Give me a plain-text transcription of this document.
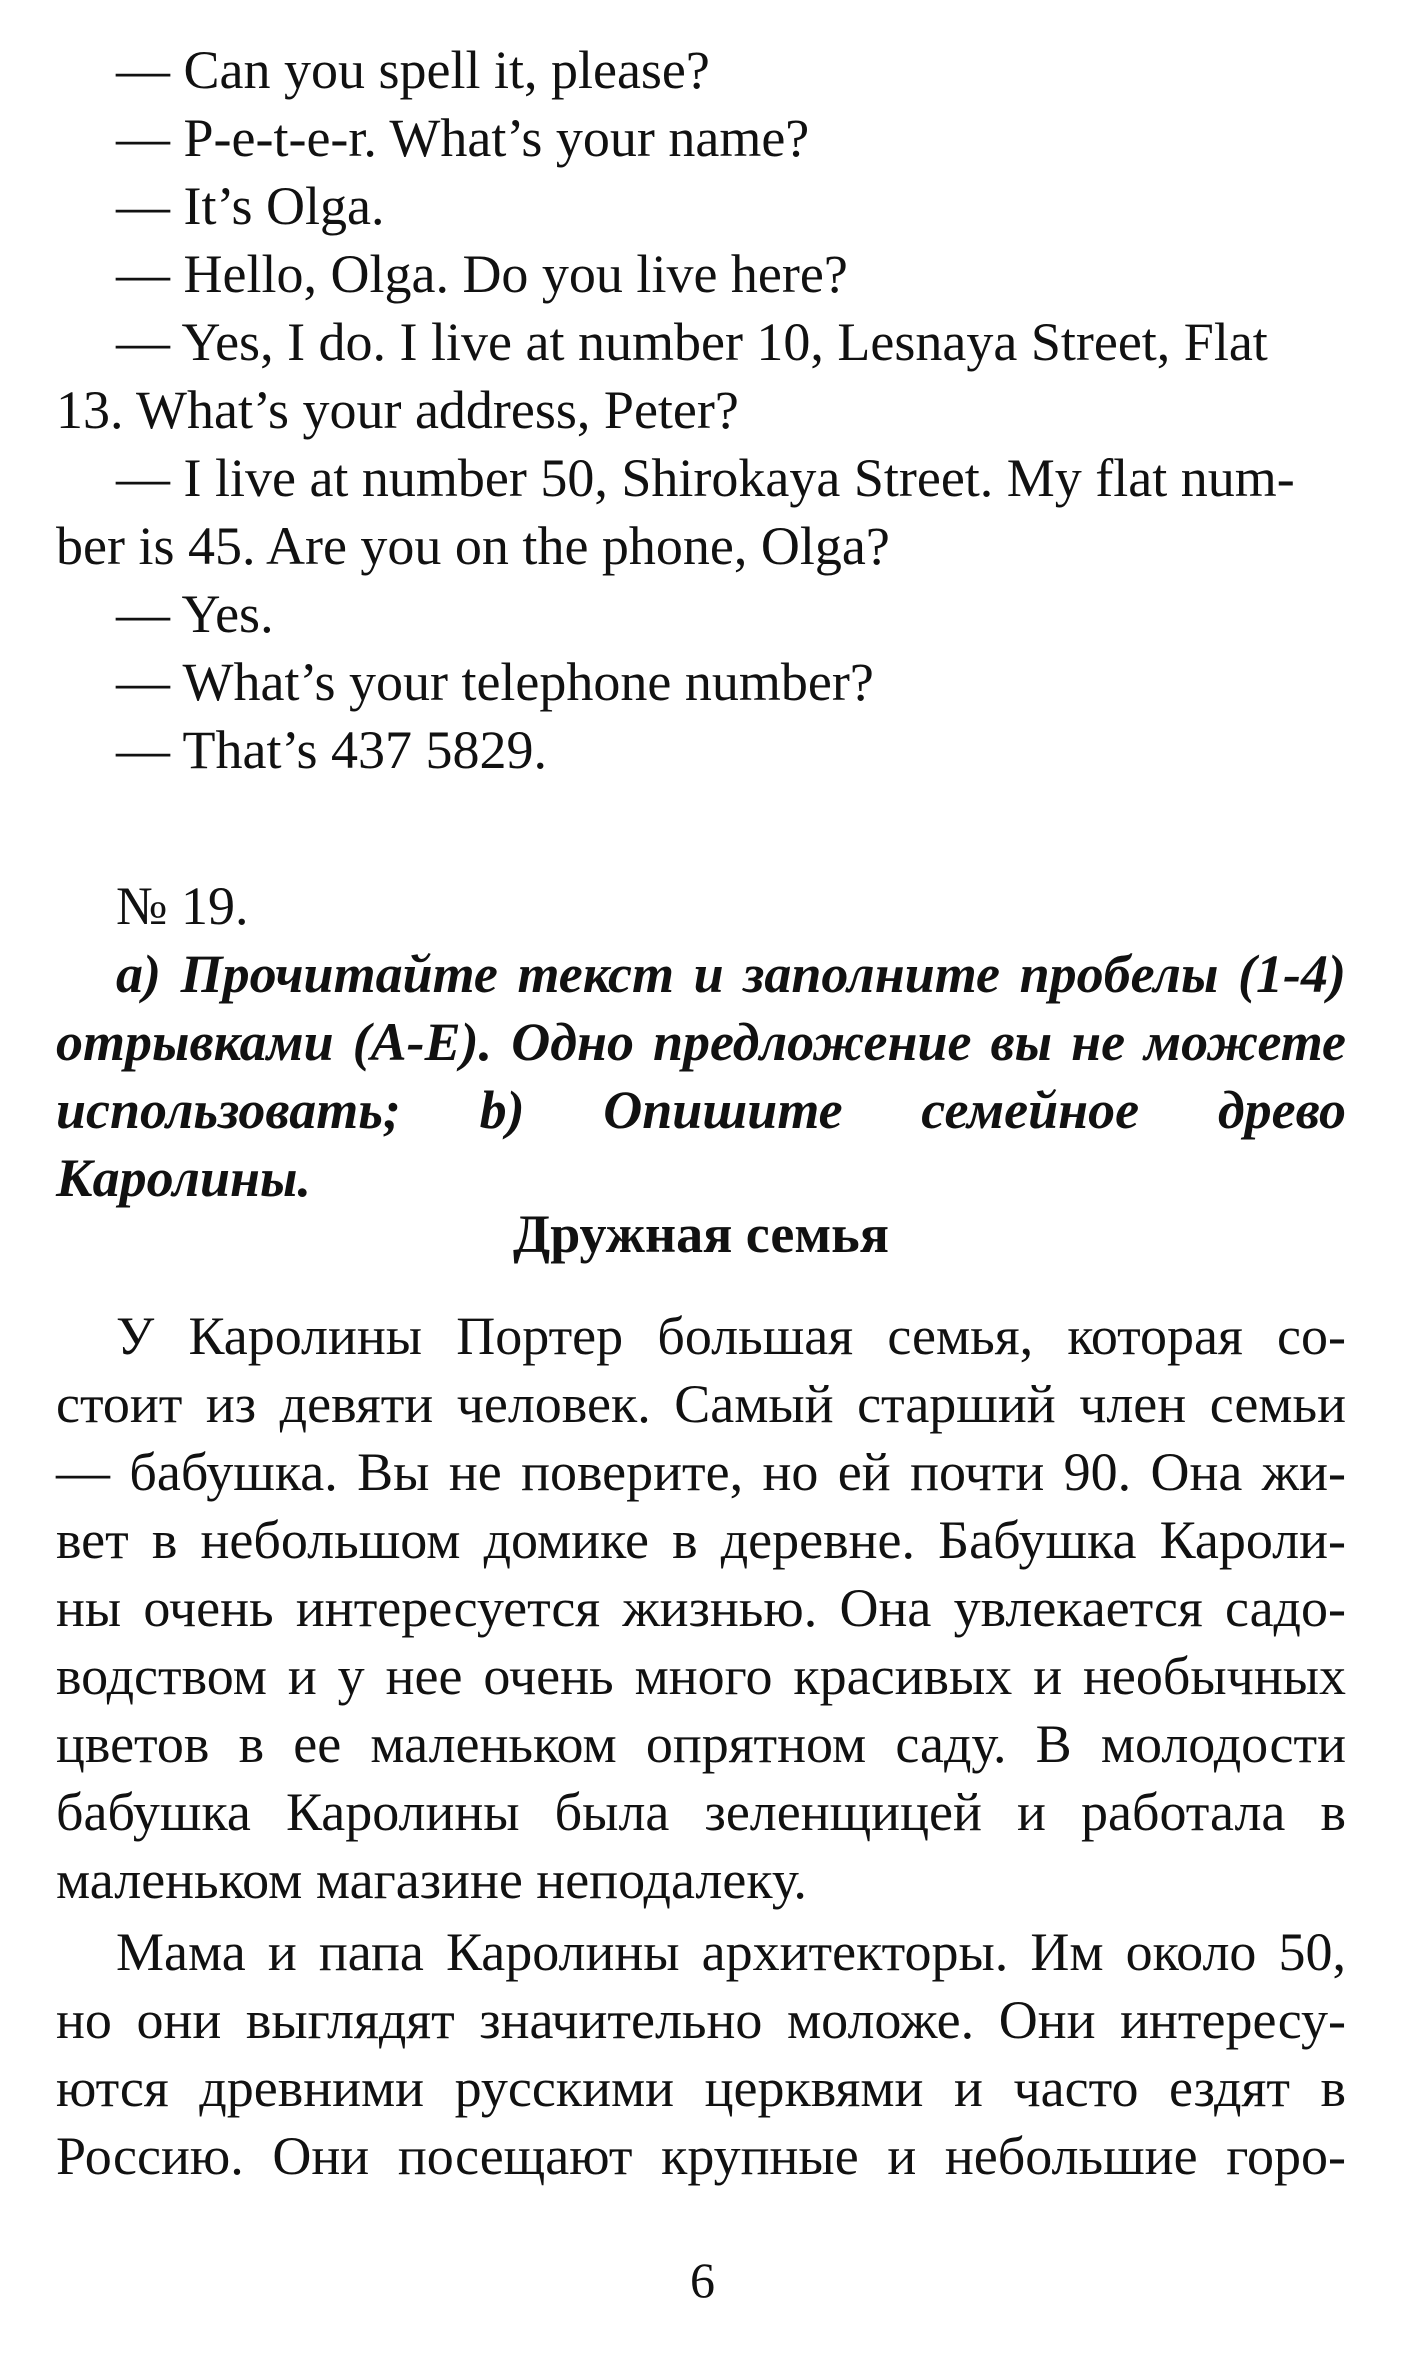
— Can you spell it, please?
— P-e-t-e-r. What’s your name?
— It’s Olga.
— Hello, Olga. Do you live here?
— Yes, I do. I live at number 10, Lesnaya Street, Flat
13. What’s your address, Peter?
— I live at number 50, Shirokaya Street. My flat num-
ber is 45. Are you on the phone, Olga?
— Yes.
— What’s your telephone number?
— That’s 437 5829.
№ 19.
a) Прочитайте текст и заполните пробелы (1-4)
отрывками (A-E). Одно предложение вы не можете
использовать; b) Опишите семейное древо Каролины.
Дружная семья
У Каролины Портер большая семья, которая со-
стоит из девяти человек. Самый старший член семьи
— бабушка. Вы не поверите, но ей почти 90. Она жи-
вет в небольшом домике в деревне. Бабушка Кароли-
ны очень интересуется жизнью. Она увлекается садо-
водством и у нее очень много красивых и необычных
цветов в ее маленьком опрятном саду. В молодости
бабушка Каролины была зеленщицей и работала в
маленьком магазине неподалеку.
Мама и папа Каролины архитекторы. Им около 50,
но они выглядят значительно моложе. Они интересу-
ются древними русскими церквями и часто ездят в
Россию. Они посещают крупные и небольшие горо-
6
